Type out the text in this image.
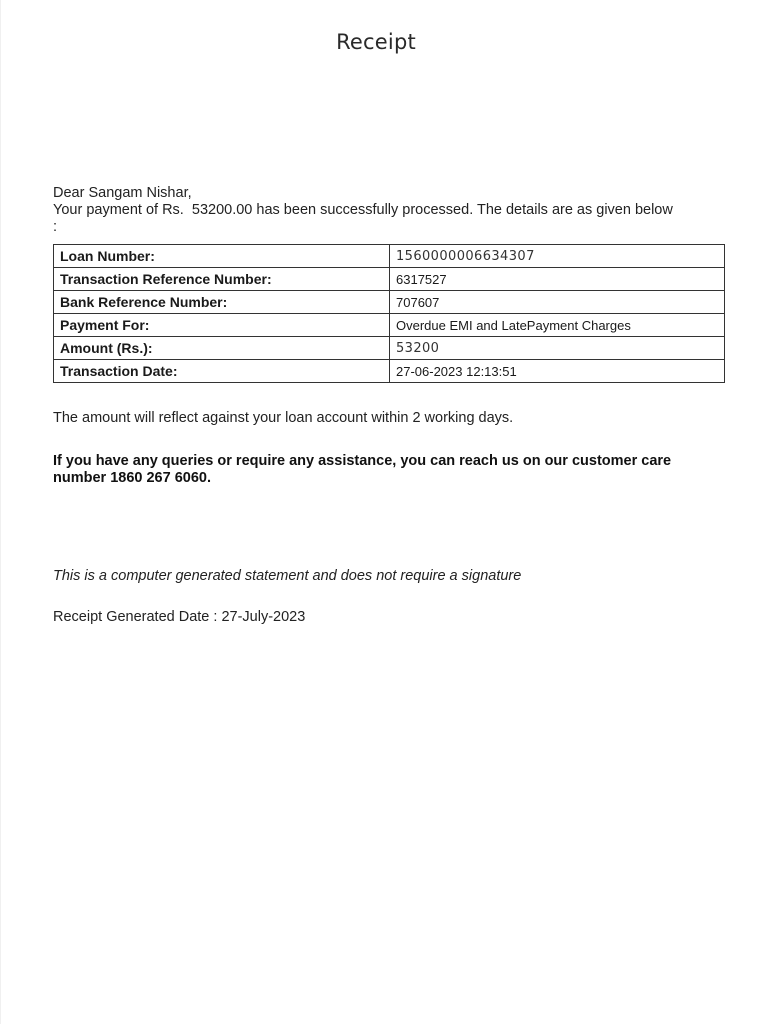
Receipt
Dear Sangam Nishar,
Your payment of Rs.  53200.00 has been successfully processed. The details are as given below
:
Loan Number:	1560000006634307
Transaction Reference Number:	6317527
Bank Reference Number:	707607
Payment For:	Overdue EMI and LatePayment Charges
Amount (Rs.):	53200
Transaction Date:	27-06-2023 12:13:51
The amount will reflect against your loan account within 2 working days.
If you have any queries or require any assistance, you can reach us on our customer care number 1860 267 6060.
This is a computer generated statement and does not require a signature
Receipt Generated Date : 27-July-2023
